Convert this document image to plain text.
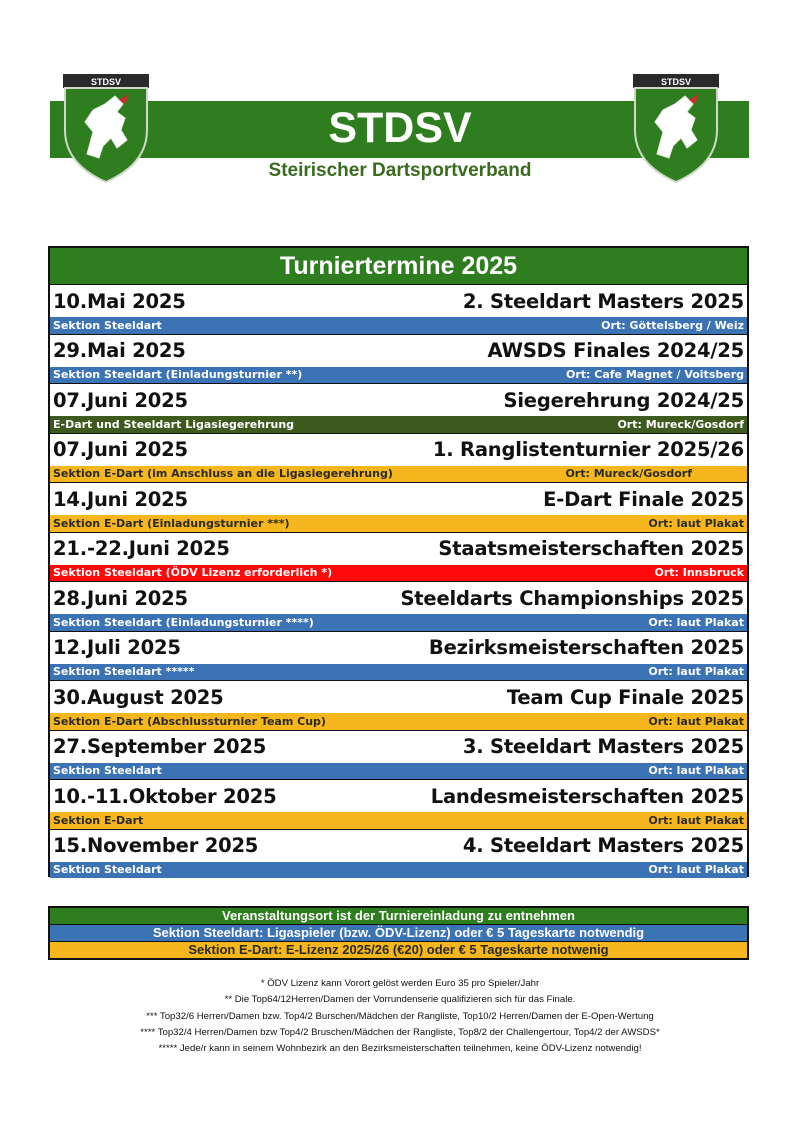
STDSV
Steirischer Dartsportverband
STDSV	STDSV
Turniertermine 2025
10.Mai 2025	2. Steeldart Masters 2025
Sektion Steeldart	Ort: Göttelsberg / Weiz
29.Mai 2025	AWSDS Finales 2024/25
Sektion Steeldart (Einladungsturnier **)	Ort: Cafe Magnet / Voitsberg
07.Juni 2025	Siegerehrung 2024/25
E-Dart und Steeldart Ligasiegerehrung	Ort: Mureck/Gosdorf
07.Juni 2025	1. Ranglistenturnier 2025/26
Sektion E-Dart (im Anschluss an die Ligasiegerehrung)	Ort: Mureck/Gosdorf
14.Juni 2025	E-Dart Finale 2025
Sektion E-Dart (Einladungsturnier ***)	Ort: laut Plakat
21.-22.Juni 2025	Staatsmeisterschaften 2025
Sektion Steeldart (ÖDV Lizenz erforderlich *)	Ort: Innsbruck
28.Juni 2025	Steeldarts Championships 2025
Sektion Steeldart (Einladungsturnier ****)	Ort: laut Plakat
12.Juli 2025	Bezirksmeisterschaften 2025
Sektion Steeldart *****	Ort: laut Plakat
30.August 2025	Team Cup Finale 2025
Sektion E-Dart (Abschlussturnier Team Cup)	Ort: laut Plakat
27.September 2025	3. Steeldart Masters 2025
Sektion Steeldart	Ort: laut Plakat
10.-11.Oktober 2025	Landesmeisterschaften 2025
Sektion E-Dart	Ort: laut Plakat
15.November 2025	4. Steeldart Masters 2025
Sektion Steeldart	Ort: laut Plakat
Veranstaltungsort ist der Turniereinladung zu entnehmen
Sektion Steeldart: Ligaspieler (bzw. ÖDV-Lizenz) oder € 5 Tageskarte notwendig
Sektion E-Dart: E-Lizenz 2025/26 (€20) oder € 5 Tageskarte notwenig
* ÖDV Lizenz kann Vorort gelöst werden Euro 35 pro Spieler/Jahr
** Die Top64/12Herren/Damen der Vorrundenserie qualifizieren sich für das Finale.
*** Top32/6 Herren/Damen bzw. Top4/2 Burschen/Mädchen der Rangliste, Top10/2 Herren/Damen der E-Open-Wertung
**** Top32/4 Herren/Damen bzw Top4/2 Bruschen/Mädchen der Rangliste, Top8/2 der Challengertour, Top4/2 der AWSDS*
***** Jede/r kann in seinem Wohnbezirk an den Bezirksmeisterschaften teilnehmen, keine ÖDV-Lizenz notwendig!
